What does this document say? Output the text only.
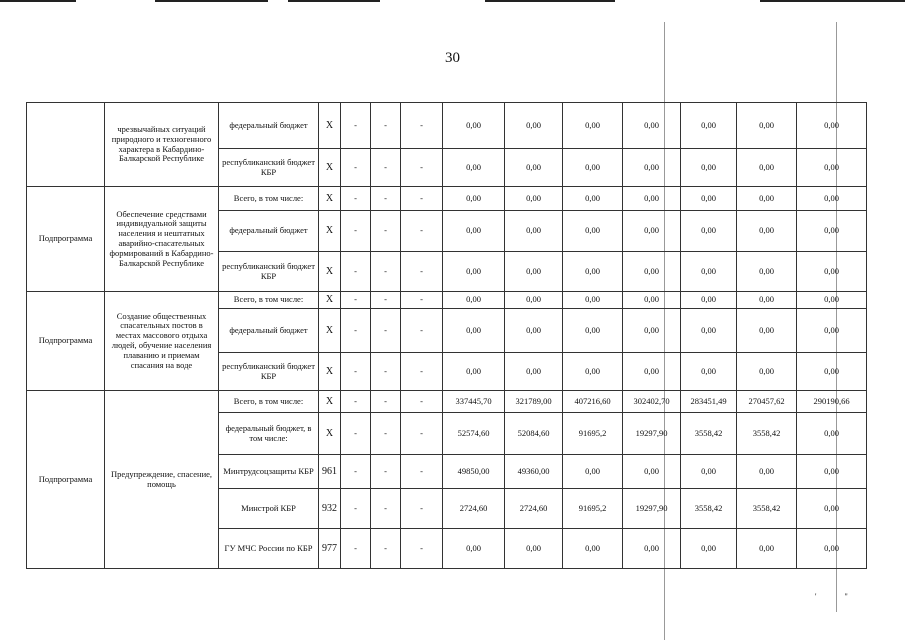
30
	чрезвычайных ситуаций природного и техногенного характера в Кабардино-Балкарской Республике	федеральный бюджет	X	-	-	-	0,00	0,00	0,00	0,00	0,00	0,00	0,00
		республиканский бюджет КБР	X	-	-	-	0,00	0,00	0,00	0,00	0,00	0,00	0,00
Подпрограмма	Обеспечение средствами индивидуальной защиты населения и нештатных аварийно-спасательных формирований в Кабардино-Балкарской Республике	Всего, в том числе:	X	-	-	-	0,00	0,00	0,00	0,00	0,00	0,00	0,00
		федеральный бюджет	X	-	-	-	0,00	0,00	0,00	0,00	0,00	0,00	0,00
		республиканский бюджет КБР	X	-	-	-	0,00	0,00	0,00	0,00	0,00	0,00	0,00
Подпрограмма	Создание общественных спасательных постов в местах массового отдыха людей, обучение населения плаванию и приемам спасания на воде	Всего, в том числе:	X	-	-	-	0,00	0,00	0,00	0,00	0,00	0,00	0,00
		федеральный бюджет	X	-	-	-	0,00	0,00	0,00	0,00	0,00	0,00	0,00
		республиканский бюджет КБР	X	-	-	-	0,00	0,00	0,00	0,00	0,00	0,00	0,00
Подпрограмма	Предупреждение, спасение, помощь	Всего, в том числе:	X	-	-	-	337445,70	321789,00	407216,60	302402,70	283451,49	270457,62	290190,66
		федеральный бюджет, в том числе:	X	-	-	-	52574,60	52084,60	91695,2	19297,90	3558,42	3558,42	0,00
		Минтрудсоцзащиты КБР	961	-	-	-	49850,00	49360,00	0,00	0,00	0,00	0,00	0,00
		Минстрой КБР	932	-	-	-	2724,60	2724,60	91695,2	19297,90	3558,42	3558,42	0,00
		ГУ МЧС России по КБР	977	-	-	-	0,00	0,00	0,00	0,00	0,00	0,00	0,00
'"
